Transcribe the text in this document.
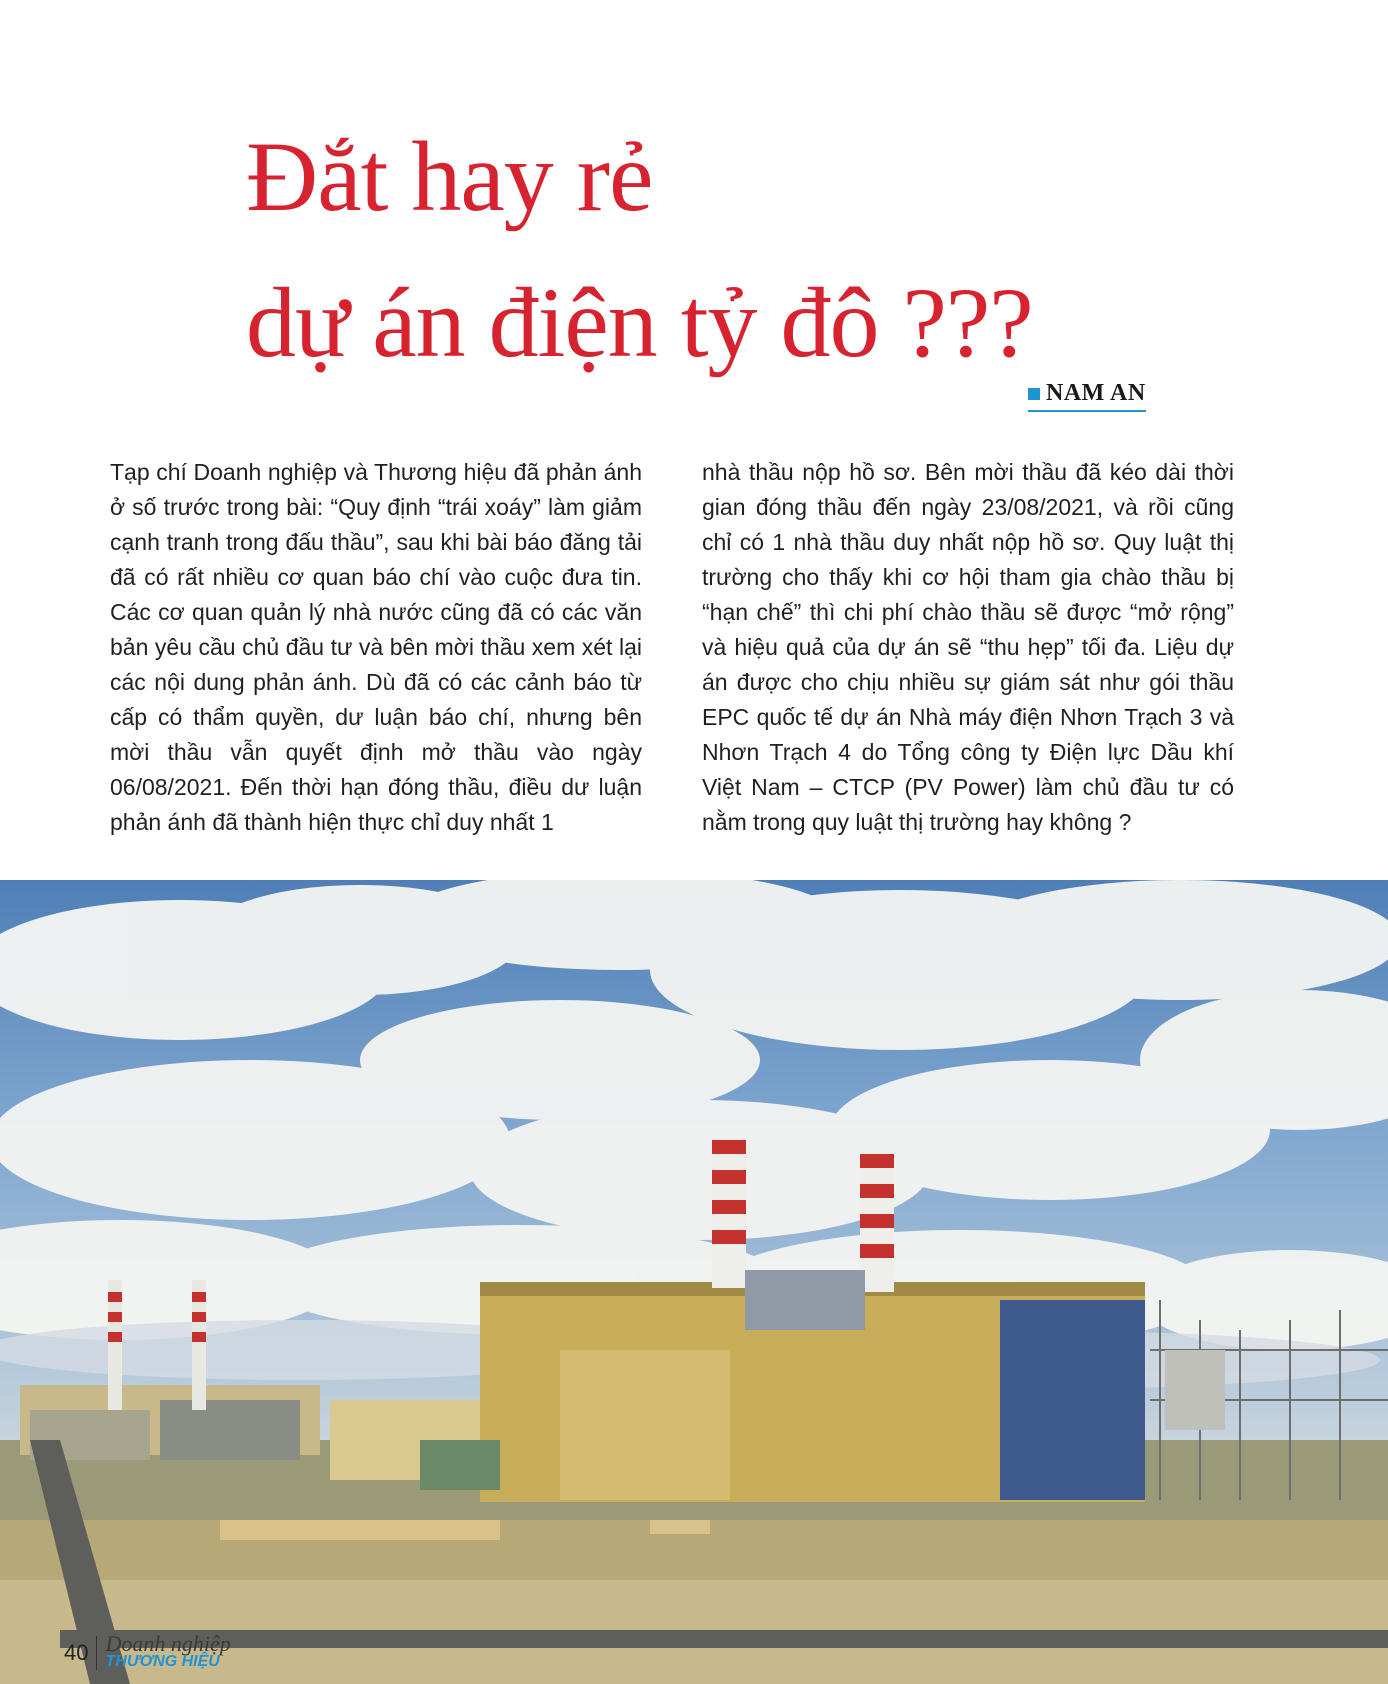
Đắt hay rẻ
dự án điện tỷ đô ???
NAM AN

Tạp chí Doanh nghiệp và Thương hiệu đã phản ánh ở số trước trong bài: “Quy định “trái xoáy” làm giảm cạnh tranh trong đấu thầu”, sau khi bài báo đăng tải đã có rất nhiều cơ quan báo chí vào cuộc đưa tin. Các cơ quan quản lý nhà nước cũng đã có các văn bản yêu cầu chủ đầu tư và bên mời thầu xem xét lại các nội dung phản ánh. Dù đã có các cảnh báo từ cấp có thẩm quyền, dư luận báo chí, nhưng bên mời thầu vẫn quyết định mở thầu vào ngày 06/08/2021. Đến thời hạn đóng thầu, điều dư luận phản ánh đã thành hiện thực chỉ duy nhất 1

nhà thầu nộp hồ sơ. Bên mời thầu đã kéo dài thời gian đóng thầu đến ngày 23/08/2021, và rồi cũng chỉ có 1 nhà thầu duy nhất nộp hồ sơ. Quy luật thị trường cho thấy khi cơ hội tham gia chào thầu bị “hạn chế” thì chi phí chào thầu sẽ được “mở rộng” và hiệu quả của dự án sẽ “thu hẹp” tối đa. Liệu dự án được cho chịu nhiều sự giám sát như gói thầu EPC quốc tế dự án Nhà máy điện Nhơn Trạch 3 và Nhơn Trạch 4 do Tổng công ty Điện lực Dầu khí Việt Nam – CTCP (PV Power) làm chủ đầu tư có nằm trong quy luật thị trường hay không ?

40 Doanh nghiệp
THƯƠNG HIỆU
